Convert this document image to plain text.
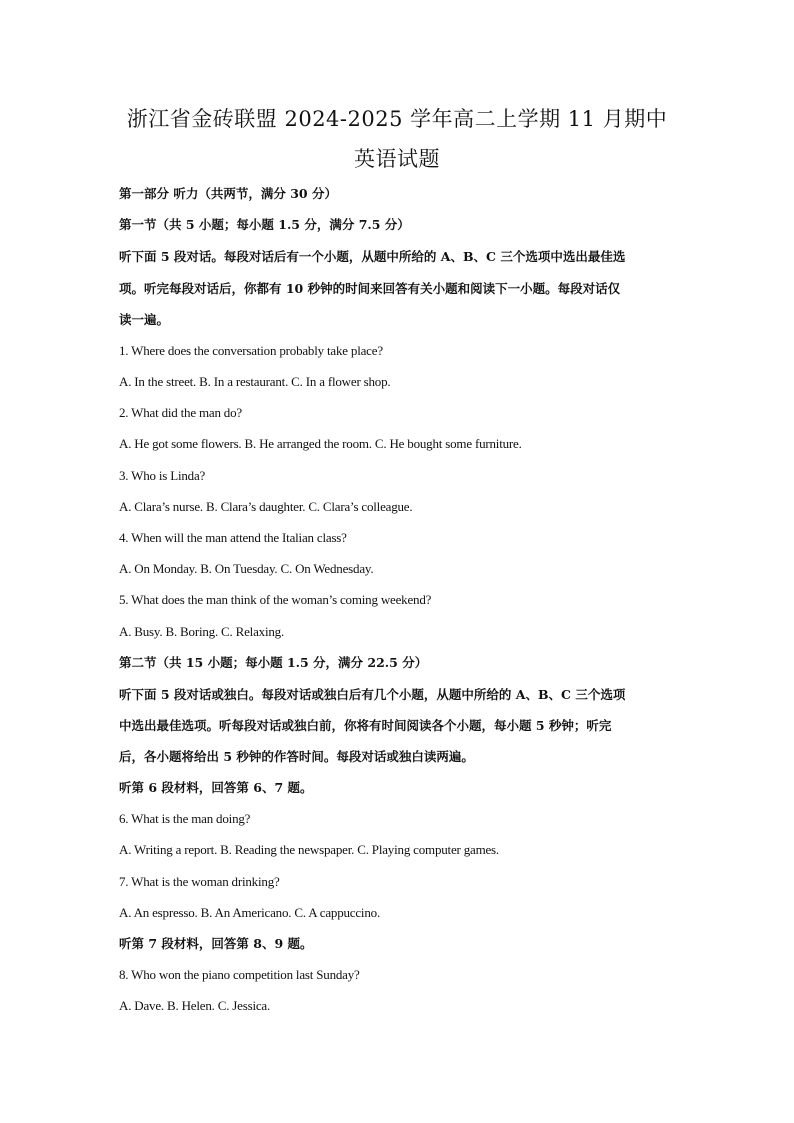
浙江省金砖联盟 2024-2025 学年高二上学期 11 月期中
英语试题
第一部分 听力（共两节，满分 30 分）
第一节（共 5 小题；每小题 1.5 分，满分 7.5 分）
听下面 5 段对话。每段对话后有一个小题，从题中所给的 A、B、C 三个选项中选出最佳选
项。听完每段对话后，你都有 10 秒钟的时间来回答有关小题和阅读下一小题。每段对话仅
读一遍。
1. Where does the conversation probably take place?
A. In the street. B. In a restaurant. C. In a flower shop.
2. What did the man do?
A. He got some flowers. B. He arranged the room. C. He bought some furniture.
3. Who is Linda?
A. Clara’s nurse. B. Clara’s daughter. C. Clara’s colleague.
4. When will the man attend the Italian class?
A. On Monday. B. On Tuesday. C. On Wednesday.
5. What does the man think of the woman’s coming weekend?
A. Busy. B. Boring. C. Relaxing.
第二节（共 15 小题；每小题 1.5 分，满分 22.5 分）
听下面 5 段对话或独白。每段对话或独白后有几个小题，从题中所给的 A、B、C 三个选项
中选出最佳选项。听每段对话或独白前，你将有时间阅读各个小题，每小题 5 秒钟；听完
后，各小题将给出 5 秒钟的作答时间。每段对话或独白读两遍。
听第 6 段材料，回答第 6、7 题。
6. What is the man doing?
A. Writing a report. B. Reading the newspaper. C. Playing computer games.
7. What is the woman drinking?
A. An espresso. B. An Americano. C. A cappuccino.
听第 7 段材料，回答第 8、9 题。
8. Who won the piano competition last Sunday?
A. Dave. B. Helen. C. Jessica.
